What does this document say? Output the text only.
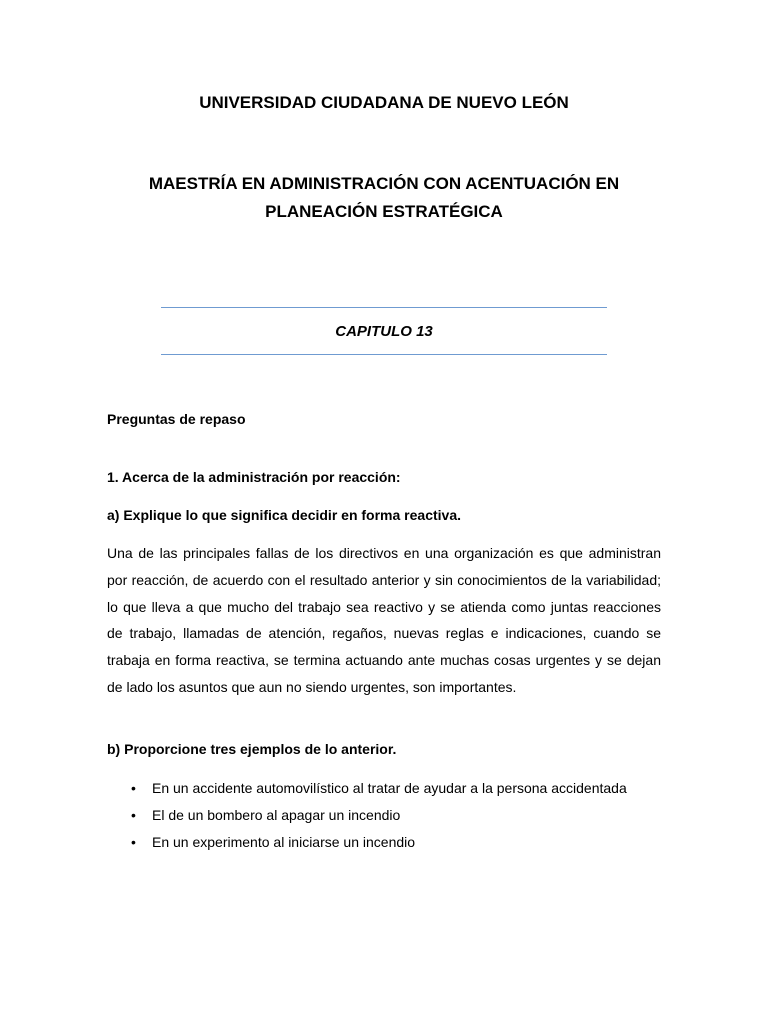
UNIVERSIDAD CIUDADANA DE NUEVO LEÓN
MAESTRÍA EN ADMINISTRACIÓN CON ACENTUACIÓN EN PLANEACIÓN ESTRATÉGICA
CAPITULO 13

Preguntas de repaso

1. Acerca de la administración por reacción:

a) Explique lo que significa decidir en forma reactiva.

Una de las principales fallas de los directivos en una organización es que administran por reacción, de acuerdo con el resultado anterior y sin conocimientos de la variabilidad; lo que lleva a que mucho del trabajo sea reactivo y se atienda como juntas reacciones de trabajo, llamadas de atención, regaños, nuevas reglas e indicaciones, cuando se trabaja en forma reactiva, se termina actuando ante muchas cosas urgentes y se dejan de lado los asuntos que aun no siendo urgentes, son importantes.

b) Proporcione tres ejemplos de lo anterior.

• En un accidente automovilístico al tratar de ayudar a la persona accidentada
• El de un bombero al apagar un incendio
• En un experimento al iniciarse un incendio
